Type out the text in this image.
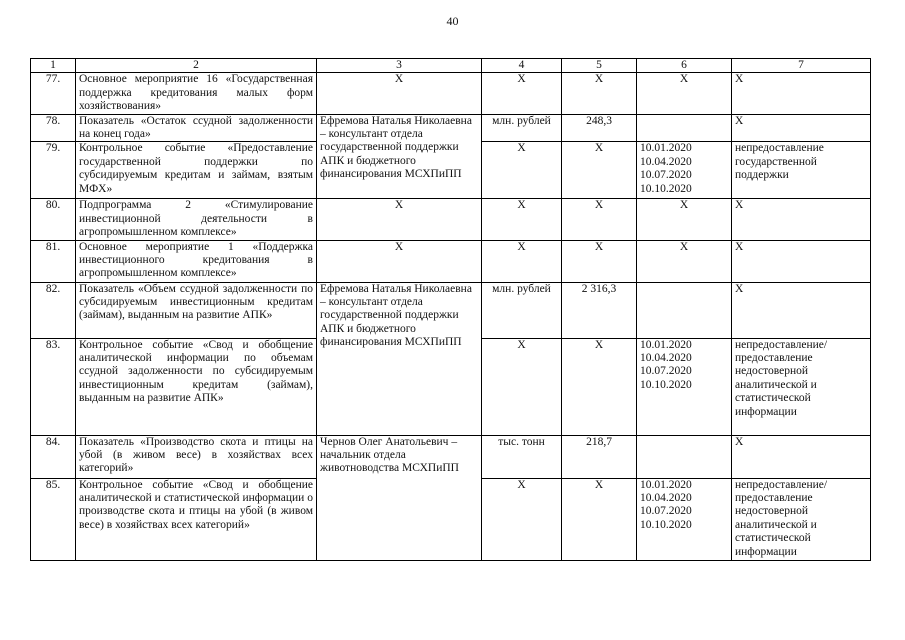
40
1	2	3	4	5	6	7
77.	Основное мероприятие 16 «Государственная поддержка кредитования малых форм хозяйствования»	X	X	X	X	X
78.	Показатель «Остаток ссудной задолженности на конец года»	Ефремова Наталья Николаевна – консультант отдела государственной поддержки АПК и бюджетного финансирования МСХПиПП	млн. рублей	248,3		X
79.	Контрольное событие «Предоставление государственной поддержки по субсидируемым кредитам и займам, взятым МФХ»		X	X	10.01.2020
10.04.2020
10.07.2020
10.10.2020	непредоставление государственной поддержки
80.	Подпрограмма 2 «Стимулирование инвестиционной деятельности в агропромышленном комплексе»	X	X	X	X	X
81.	Основное мероприятие 1 «Поддержка инвестиционного кредитования в агропромышленном комплексе»	X	X	X	X	X
82.	Показатель «Объем ссудной задолженности по субсидируемым инвестиционным кредитам (займам), выданным на развитие АПК»	Ефремова Наталья Николаевна – консультант отдела государственной поддержки АПК и бюджетного финансирования МСХПиПП	млн. рублей	2 316,3		X
83.	Контрольное событие «Свод и обобщение аналитической информации по объемам ссудной задолженности по субсидируемым инвестиционным кредитам (займам), выданным на развитие АПК»		X	X	10.01.2020
10.04.2020
10.07.2020
10.10.2020	непредоставление/ предоставление недостоверной аналитической и статистической информации
84.	Показатель «Производство скота и птицы на убой (в живом весе) в хозяйствах всех категорий»	Чернов Олег Анатольевич – начальник отдела животноводства МСХПиПП	тыс. тонн	218,7		X
85.	Контрольное событие «Свод и обобщение аналитической и статистической информации о производстве скота и птицы на убой (в живом весе) в хозяйствах всех категорий»		X	X	10.01.2020
10.04.2020
10.07.2020
10.10.2020	непредоставление/ предоставление недостоверной аналитической и статистической информации
